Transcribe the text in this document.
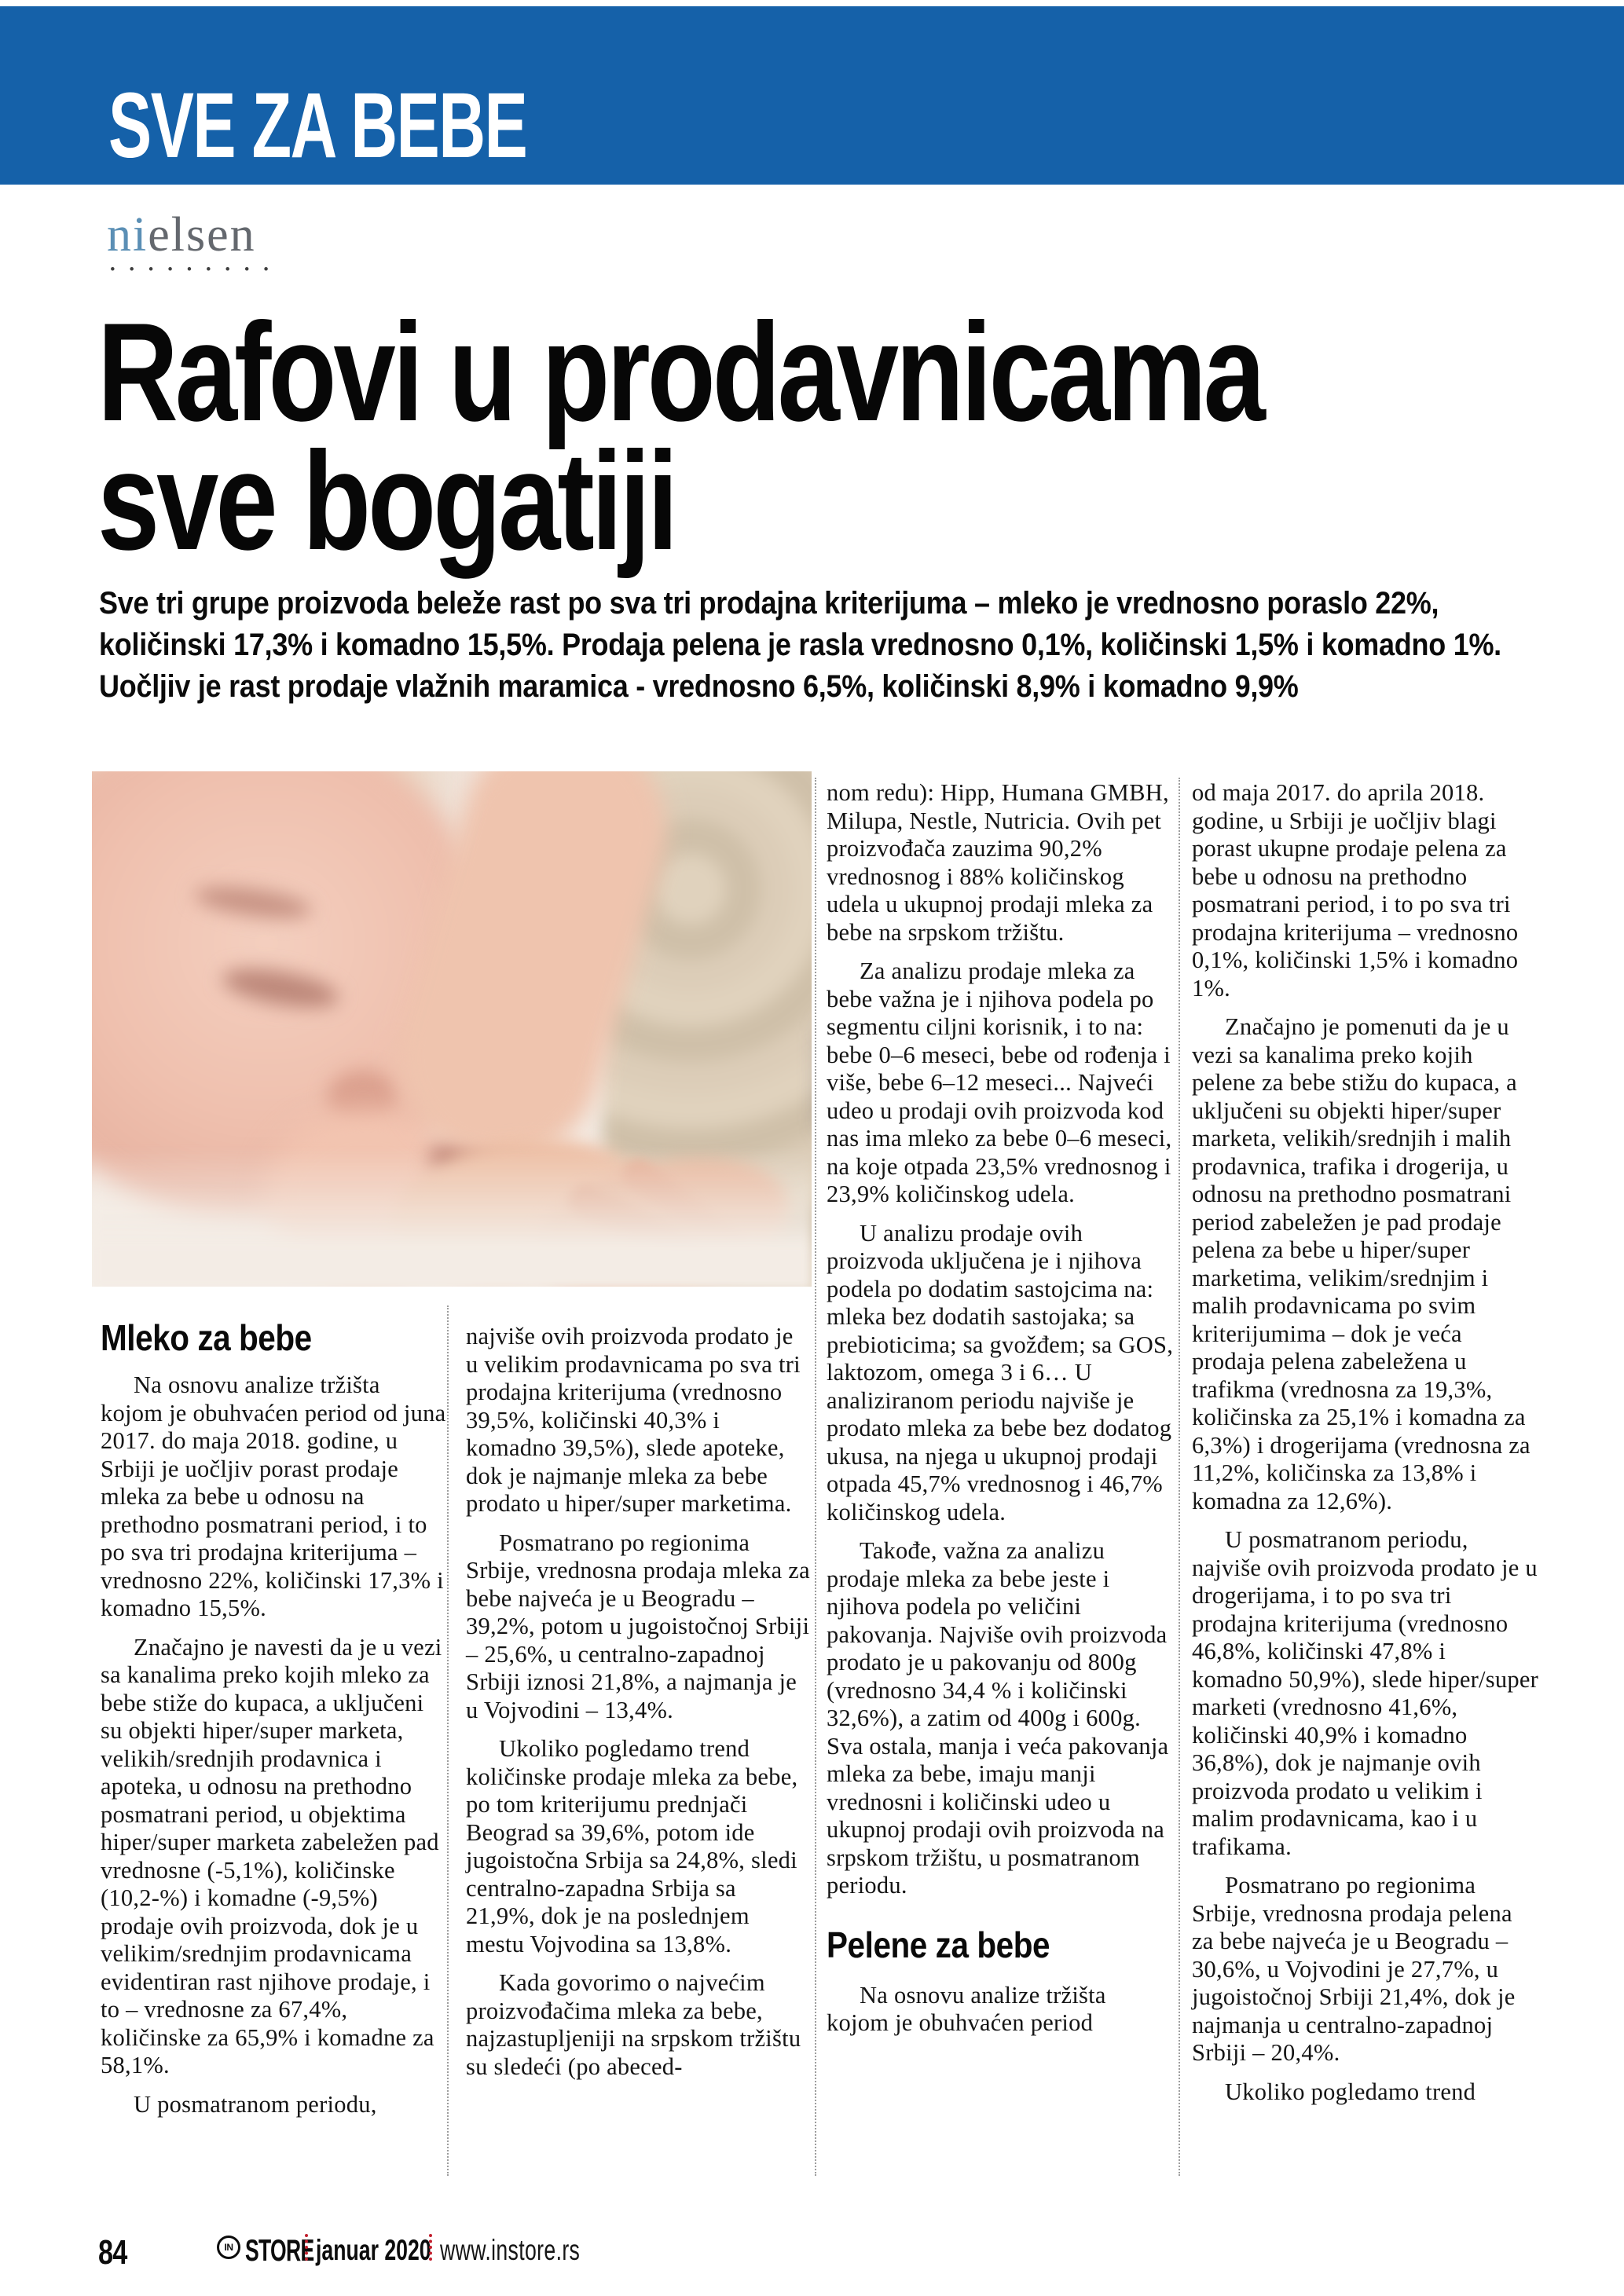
SVE ZA BEBE
nielsen
• • • • • • • • •
Rafovi u prodavnicama
sve bogatiji

Sve tri grupe proizvoda beleže rast po sva tri prodajna kriterijuma – mleko je vrednosno poraslo 22%, količinski 17,3% i komadno 15,5%. Prodaja pelena je rasla vrednosno 0,1%, količinski 1,5% i komadno 1%. Uočljiv je rast prodaje vlažnih maramica - vrednosno 6,5%, količinski 8,9% i komadno 9,9%

Mleko za bebe

Na osnovu analize tržišta kojom je obuhvaćen period od juna 2017. do maja 2018. godine, u Srbiji je uočljiv porast prodaje mleka za bebe u odnosu na prethodno posmatrani period, i to po sva tri prodajna kriterijuma – vrednosno 22%, količinski 17,3% i komadno 15,5%.

Značajno je navesti da je u vezi sa kanalima preko kojih mleko za bebe stiže do kupaca, a uključeni su objekti hiper/super marketa, velikih/srednjih prodavnica i apoteka, u odnosu na prethodno posmatrani period, u objektima hiper/super marketa zabeležen pad vrednosne (-5,1%), količinske (10,2-%) i komadne (-9,5%) prodaje ovih proizvoda, dok je u velikim/srednjim prodavnicama evidentiran rast njihove prodaje, i to – vrednosne za 67,4%, količinske za 65,9% i komadne za 58,1%.

U posmatranom periodu,

najviše ovih proizvoda prodato je u velikim prodavnicama po sva tri prodajna kriterijuma (vrednosno 39,5%, količinski 40,3% i komadno 39,5%), slede apoteke, dok je najmanje mleka za bebe prodato u hiper/super marketima.

Posmatrano po regionima Srbije, vrednosna prodaja mleka za bebe najveća je u Beogradu – 39,2%, potom u jugoistočnoj Srbiji – 25,6%, u centralno-zapadnoj Srbiji iznosi 21,8%, a najmanja je u Vojvodini – 13,4%.

Ukoliko pogledamo trend količinske prodaje mleka za bebe, po tom kriterijumu prednjači Beograd sa 39,6%, potom ide jugoistočna Srbija sa 24,8%, sledi centralno-zapadna Srbija sa 21,9%, dok je na poslednjem mestu Vojvodina sa 13,8%.

Kada govorimo o najvećim proizvođačima mleka za bebe, najzastupljeniji na srpskom tržištu su sledeći (po abeced-

nom redu): Hipp, Humana GMBH, Milupa, Nestle, Nutricia. Ovih pet proizvođača zauzima 90,2% vrednosnog i 88% količinskog udela u ukupnoj prodaji mleka za bebe na srpskom tržištu.

Za analizu prodaje mleka za bebe važna je i njihova podela po segmentu ciljni korisnik, i to na: bebe 0–6 meseci, bebe od rođenja i više, bebe 6–12 meseci... Najveći udeo u prodaji ovih proizvoda kod nas ima mleko za bebe 0–6 meseci, na koje otpada 23,5% vrednosnog i 23,9% količinskog udela.

U analizu prodaje ovih proizvoda uključena je i njihova podela po dodatim sastojcima na: mleka bez dodatih sastojaka; sa prebioticima; sa gvožđem; sa GOS, laktozom, omega 3 i 6… U analiziranom periodu najviše je prodato mleka za bebe bez dodatog ukusa, na njega u ukupnoj prodaji otpada 45,7% vrednosnog i 46,7% količinskog udela.

Takođe, važna za analizu prodaje mleka za bebe jeste i njihova podela po veličini pakovanja. Najviše ovih proizvoda prodato je u pakovanju od 800g (vrednosno 34,4 % i količinski 32,6%), a zatim od 400g i 600g. Sva ostala, manja i veća pakovanja mleka za bebe, imaju manji vrednosni i količinski udeo u ukupnoj prodaji ovih proizvoda na srpskom tržištu, u posmatranom periodu.

Pelene za bebe

Na osnovu analize tržišta kojom je obuhvaćen period

od maja 2017. do aprila 2018. godine, u Srbiji je uočljiv blagi porast ukupne prodaje pelena za bebe u odnosu na prethodno posmatrani period, i to po sva tri prodajna kriterijuma – vrednosno 0,1%, količinski 1,5% i komadno 1%.

Značajno je pomenuti da je u vezi sa kanalima preko kojih pelene za bebe stižu do kupaca, a uključeni su objekti hiper/super marketa, velikih/srednjih i malih prodavnica, trafika i drogerija, u odnosu na prethodno posmatrani period zabeležen je pad prodaje pelena za bebe u hiper/super marketima, velikim/srednjim i malih prodavnicama po svim kriterijumima – dok je veća prodaja pelena zabeležena u trafikma (vrednosna za 19,3%, količinska za 25,1% i komadna za 6,3%) i drogerijama (vrednosna za 11,2%, količinska za 13,8% i komadna za 12,6%).

U posmatranom periodu, najviše ovih proizvoda prodato je u drogerijama, i to po sva tri prodajna kriterijuma (vrednosno 46,8%, količinski 47,8% i komadno 50,9%), slede hiper/super marketi (vrednosno 41,6%, količinski 40,9% i komadno 36,8%), dok je najmanje ovih proizvoda prodato u velikim i malim prodavnicama, kao i u trafikama.

Posmatrano po regionima Srbije, vrednosna prodaja pelena za bebe najveća je u Beogradu –30,6%, u Vojvodini je 27,7%, u jugoistočnoj Srbiji 21,4%, dok je najmanja u centralno-zapadnoj Srbiji – 20,4%.

Ukoliko pogledamo trend

84	IN STORE januar 2020 www.instore.rs
